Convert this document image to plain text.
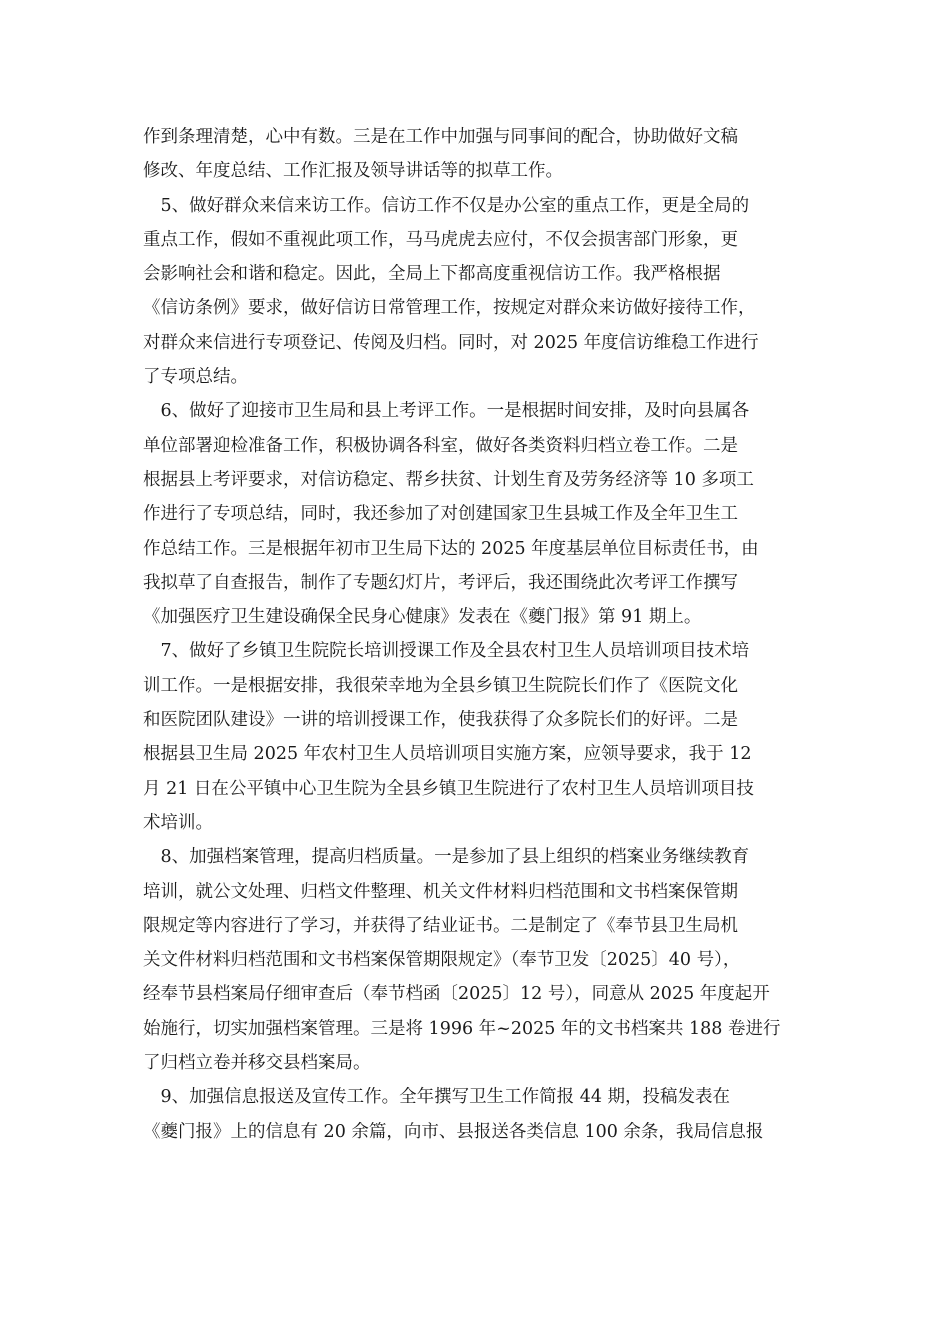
作到条理清楚，心中有数。三是在工作中加强与同事间的配合，协助做好文稿
修改、年度总结、工作汇报及领导讲话等的拟草工作。
　5、做好群众来信来访工作。信访工作不仅是办公室的重点工作，更是全局的
重点工作，假如不重视此项工作，马马虎虎去应付，不仅会损害部门形象，更
会影响社会和谐和稳定。因此，全局上下都高度重视信访工作。我严格根据
《信访条例》要求，做好信访日常管理工作，按规定对群众来访做好接待工作，
对群众来信进行专项登记、传阅及归档。同时，对 2025 年度信访维稳工作进行
了专项总结。
　6、做好了迎接市卫生局和县上考评工作。一是根据时间安排，及时向县属各
单位部署迎检准备工作，积极协调各科室，做好各类资料归档立卷工作。二是
根据县上考评要求，对信访稳定、帮乡扶贫、计划生育及劳务经济等 10 多项工
作进行了专项总结，同时，我还参加了对创建国家卫生县城工作及全年卫生工
作总结工作。三是根据年初市卫生局下达的 2025 年度基层单位目标责任书，由
我拟草了自查报告，制作了专题幻灯片，考评后，我还围绕此次考评工作撰写
《加强医疗卫生建设确保全民身心健康》发表在《夔门报》第 91 期上。
　7、做好了乡镇卫生院院长培训授课工作及全县农村卫生人员培训项目技术培
训工作。一是根据安排，我很荣幸地为全县乡镇卫生院院长们作了《医院文化
和医院团队建设》一讲的培训授课工作，使我获得了众多院长们的好评。二是
根据县卫生局 2025 年农村卫生人员培训项目实施方案，应领导要求，我于 12
月 21 日在公平镇中心卫生院为全县乡镇卫生院进行了农村卫生人员培训项目技
术培训。
　8、加强档案管理，提高归档质量。一是参加了县上组织的档案业务继续教育
培训，就公文处理、归档文件整理、机关文件材料归档范围和文书档案保管期
限规定等内容进行了学习，并获得了结业证书。二是制定了《奉节县卫生局机
关文件材料归档范围和文书档案保管期限规定》（奉节卫发〔2025〕40 号），
经奉节县档案局仔细审查后（奉节档函〔2025〕12 号），同意从 2025 年度起开
始施行，切实加强档案管理。三是将 1996 年~2025 年的文书档案共 188 卷进行
了归档立卷并移交县档案局。
　9、加强信息报送及宣传工作。全年撰写卫生工作简报 44 期，投稿发表在
《夔门报》上的信息有 20 余篇，向市、县报送各类信息 100 余条，我局信息报
